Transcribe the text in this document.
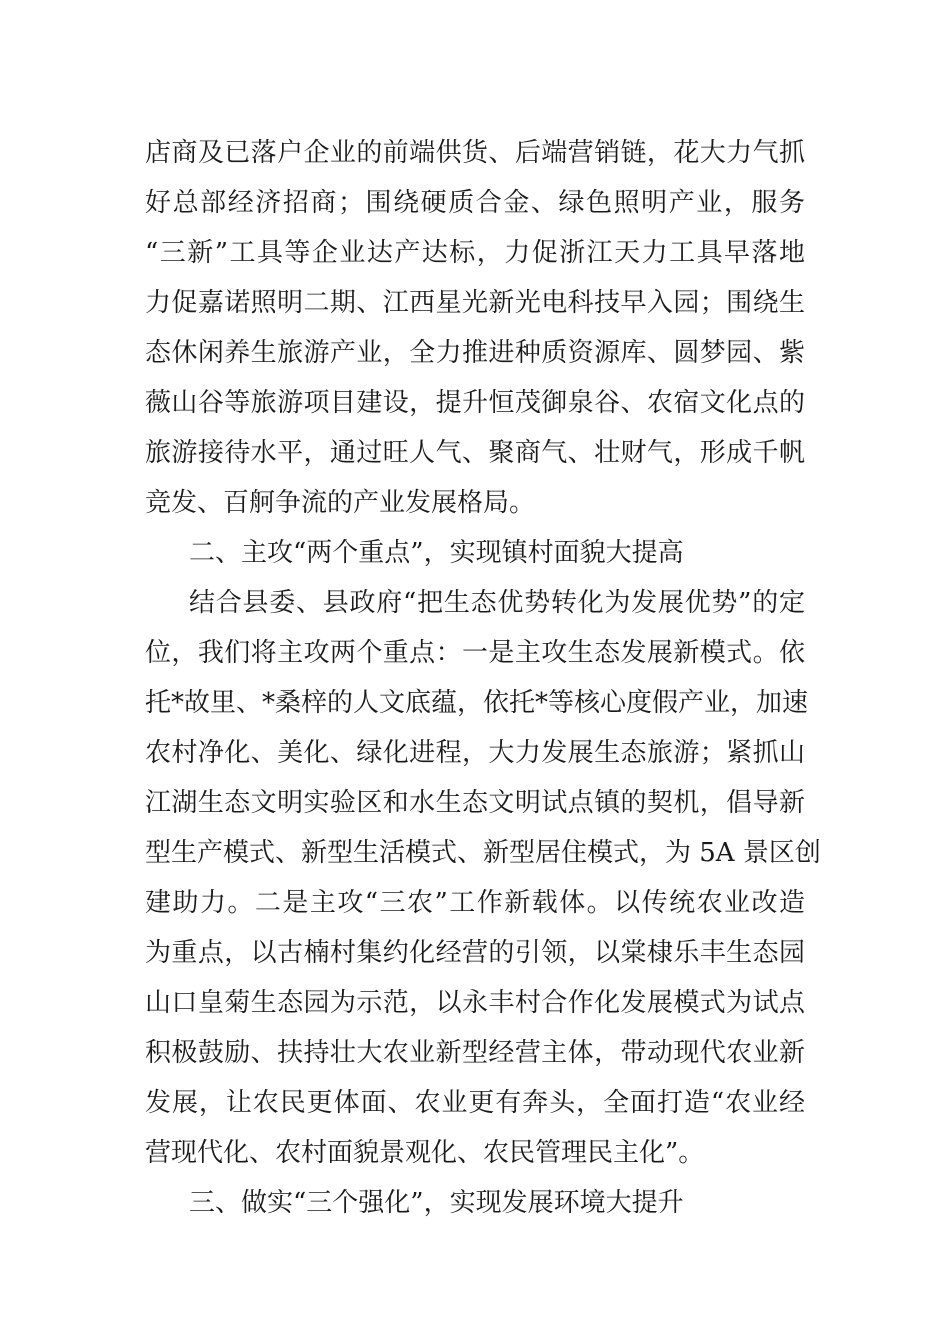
店商及已落户企业的前端供货、后端营销链，花大力气抓
好总部经济招商；围绕硬质合金、绿色照明产业，服务
“三新”工具等企业达产达标，力促浙江天力工具早落地
力促嘉诺照明二期、江西星光新光电科技早入园；围绕生
态休闲养生旅游产业，全力推进种质资源库、圆梦园、紫
薇山谷等旅游项目建设，提升恒茂御泉谷、农宿文化点的
旅游接待水平，通过旺人气、聚商气、壮财气，形成千帆
竞发、百舸争流的产业发展格局。
二、主攻“两个重点”，实现镇村面貌大提高
结合县委、县政府“把生态优势转化为发展优势”的定
位，我们将主攻两个重点：一是主攻生态发展新模式。依
托*故里、*桑梓的人文底蕴，依托*等核心度假产业，加速
农村净化、美化、绿化进程，大力发展生态旅游；紧抓山
江湖生态文明实验区和水生态文明试点镇的契机，倡导新
型生产模式、新型生活模式、新型居住模式，为 5A 景区创
建助力。二是主攻“三农”工作新载体。以传统农业改造
为重点，以古楠村集约化经营的引领，以棠棣乐丰生态园
山口皇菊生态园为示范，以永丰村合作化发展模式为试点
积极鼓励、扶持壮大农业新型经营主体，带动现代农业新
发展，让农民更体面、农业更有奔头，全面打造“农业经
营现代化、农村面貌景观化、农民管理民主化”。
三、做实“三个强化”，实现发展环境大提升
